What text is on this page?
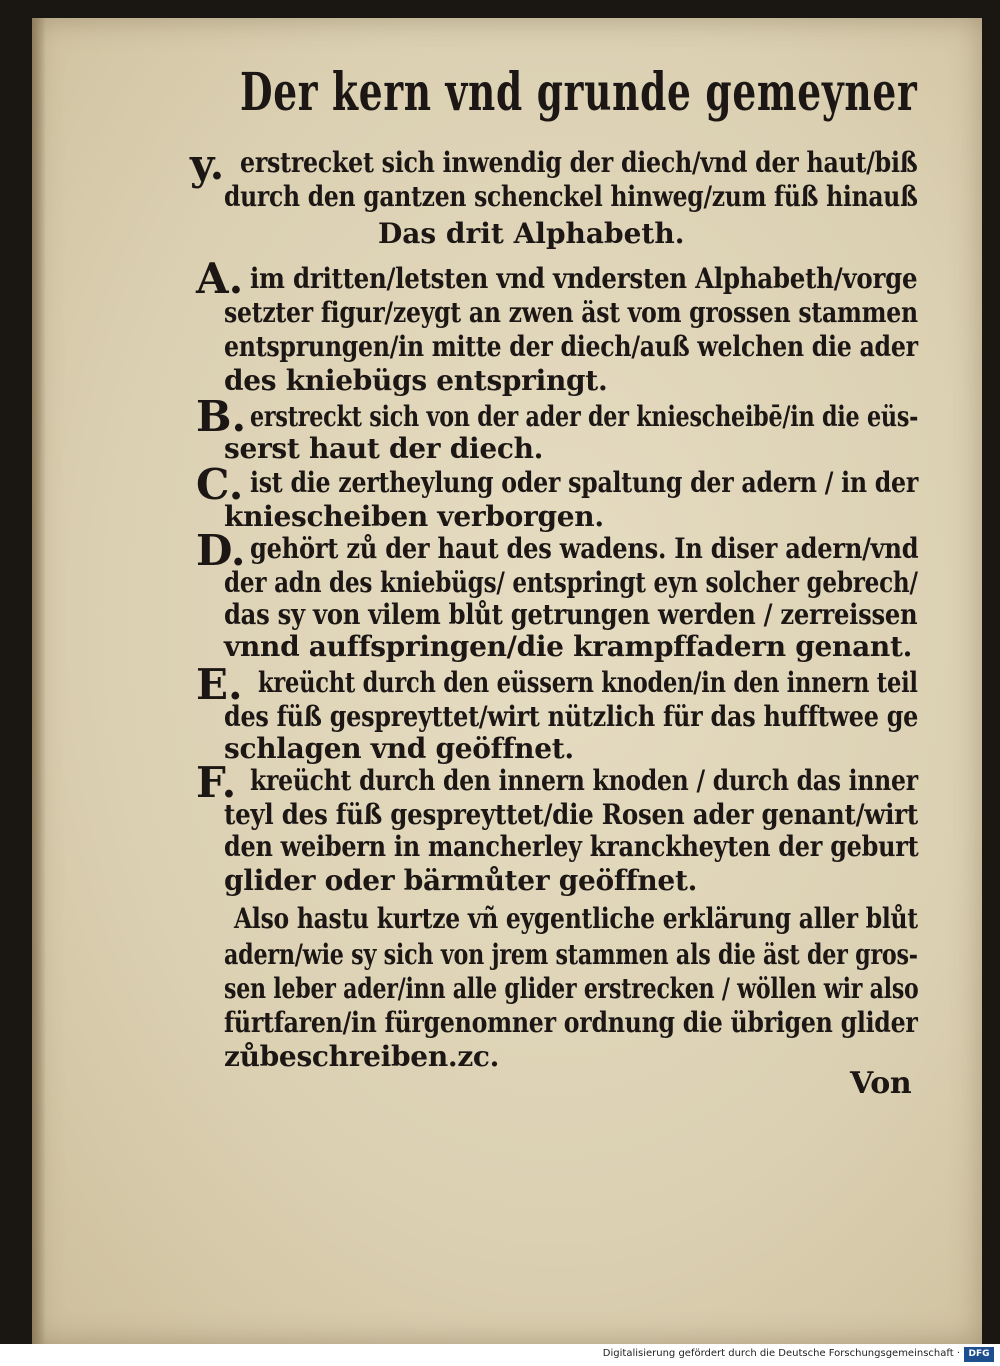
Der kern vnd grunde gemeyner
y. erstrecket sich inwendig der diech/vnd der haut/biß
durch den gantzen schenckel hinweg/zum füß hinauß
Das drit Alphabeth.
A. im dritten/letsten vnd vndersten Alphabeth/vorge
setzter figur/zeygt an zwen äst vom grossen stammen
entsprungen/in mitte der diech/auß welchen die ader
des kniebügs entspringt.
B. erstreckt sich von der ader der kniescheibē/in die eüs-
serst haut der diech.
C. ist die zertheylung oder spaltung der adern / in der
kniescheiben verborgen.
D. gehört zů der haut des wadens. In diser adern/vnd
der adn des kniebügs/ entspringt eyn solcher gebrech/
das sy von vilem blůt getrungen werden / zerreissen
vnnd auffspringen/die krampffadern genant.
E. kreücht durch den eüssern knoden/in den innern teil
des füß gespreyttet/wirt nützlich für das hufftwee ge
schlagen vnd geöffnet.
F. kreücht durch den innern knoden / durch das inner
teyl des füß gespreyttet/die Rosen ader genant/wirt
den weibern in mancherley kranckheyten der geburt
glider oder bärmůter geöffnet.
Also hastu kurtze vñ eygentliche erklärung aller blůt
adern/wie sy sich von jrem stammen als die äst der gros-
sen leber ader/inn alle glider erstrecken / wöllen wir also
fürtfaren/in fürgenomner ordnung die übrigen glider
zůbeschreiben.zc.
Von
Digitalisierung gefördert durch die Deutsche Forschungsgemeinschaft · DFG
